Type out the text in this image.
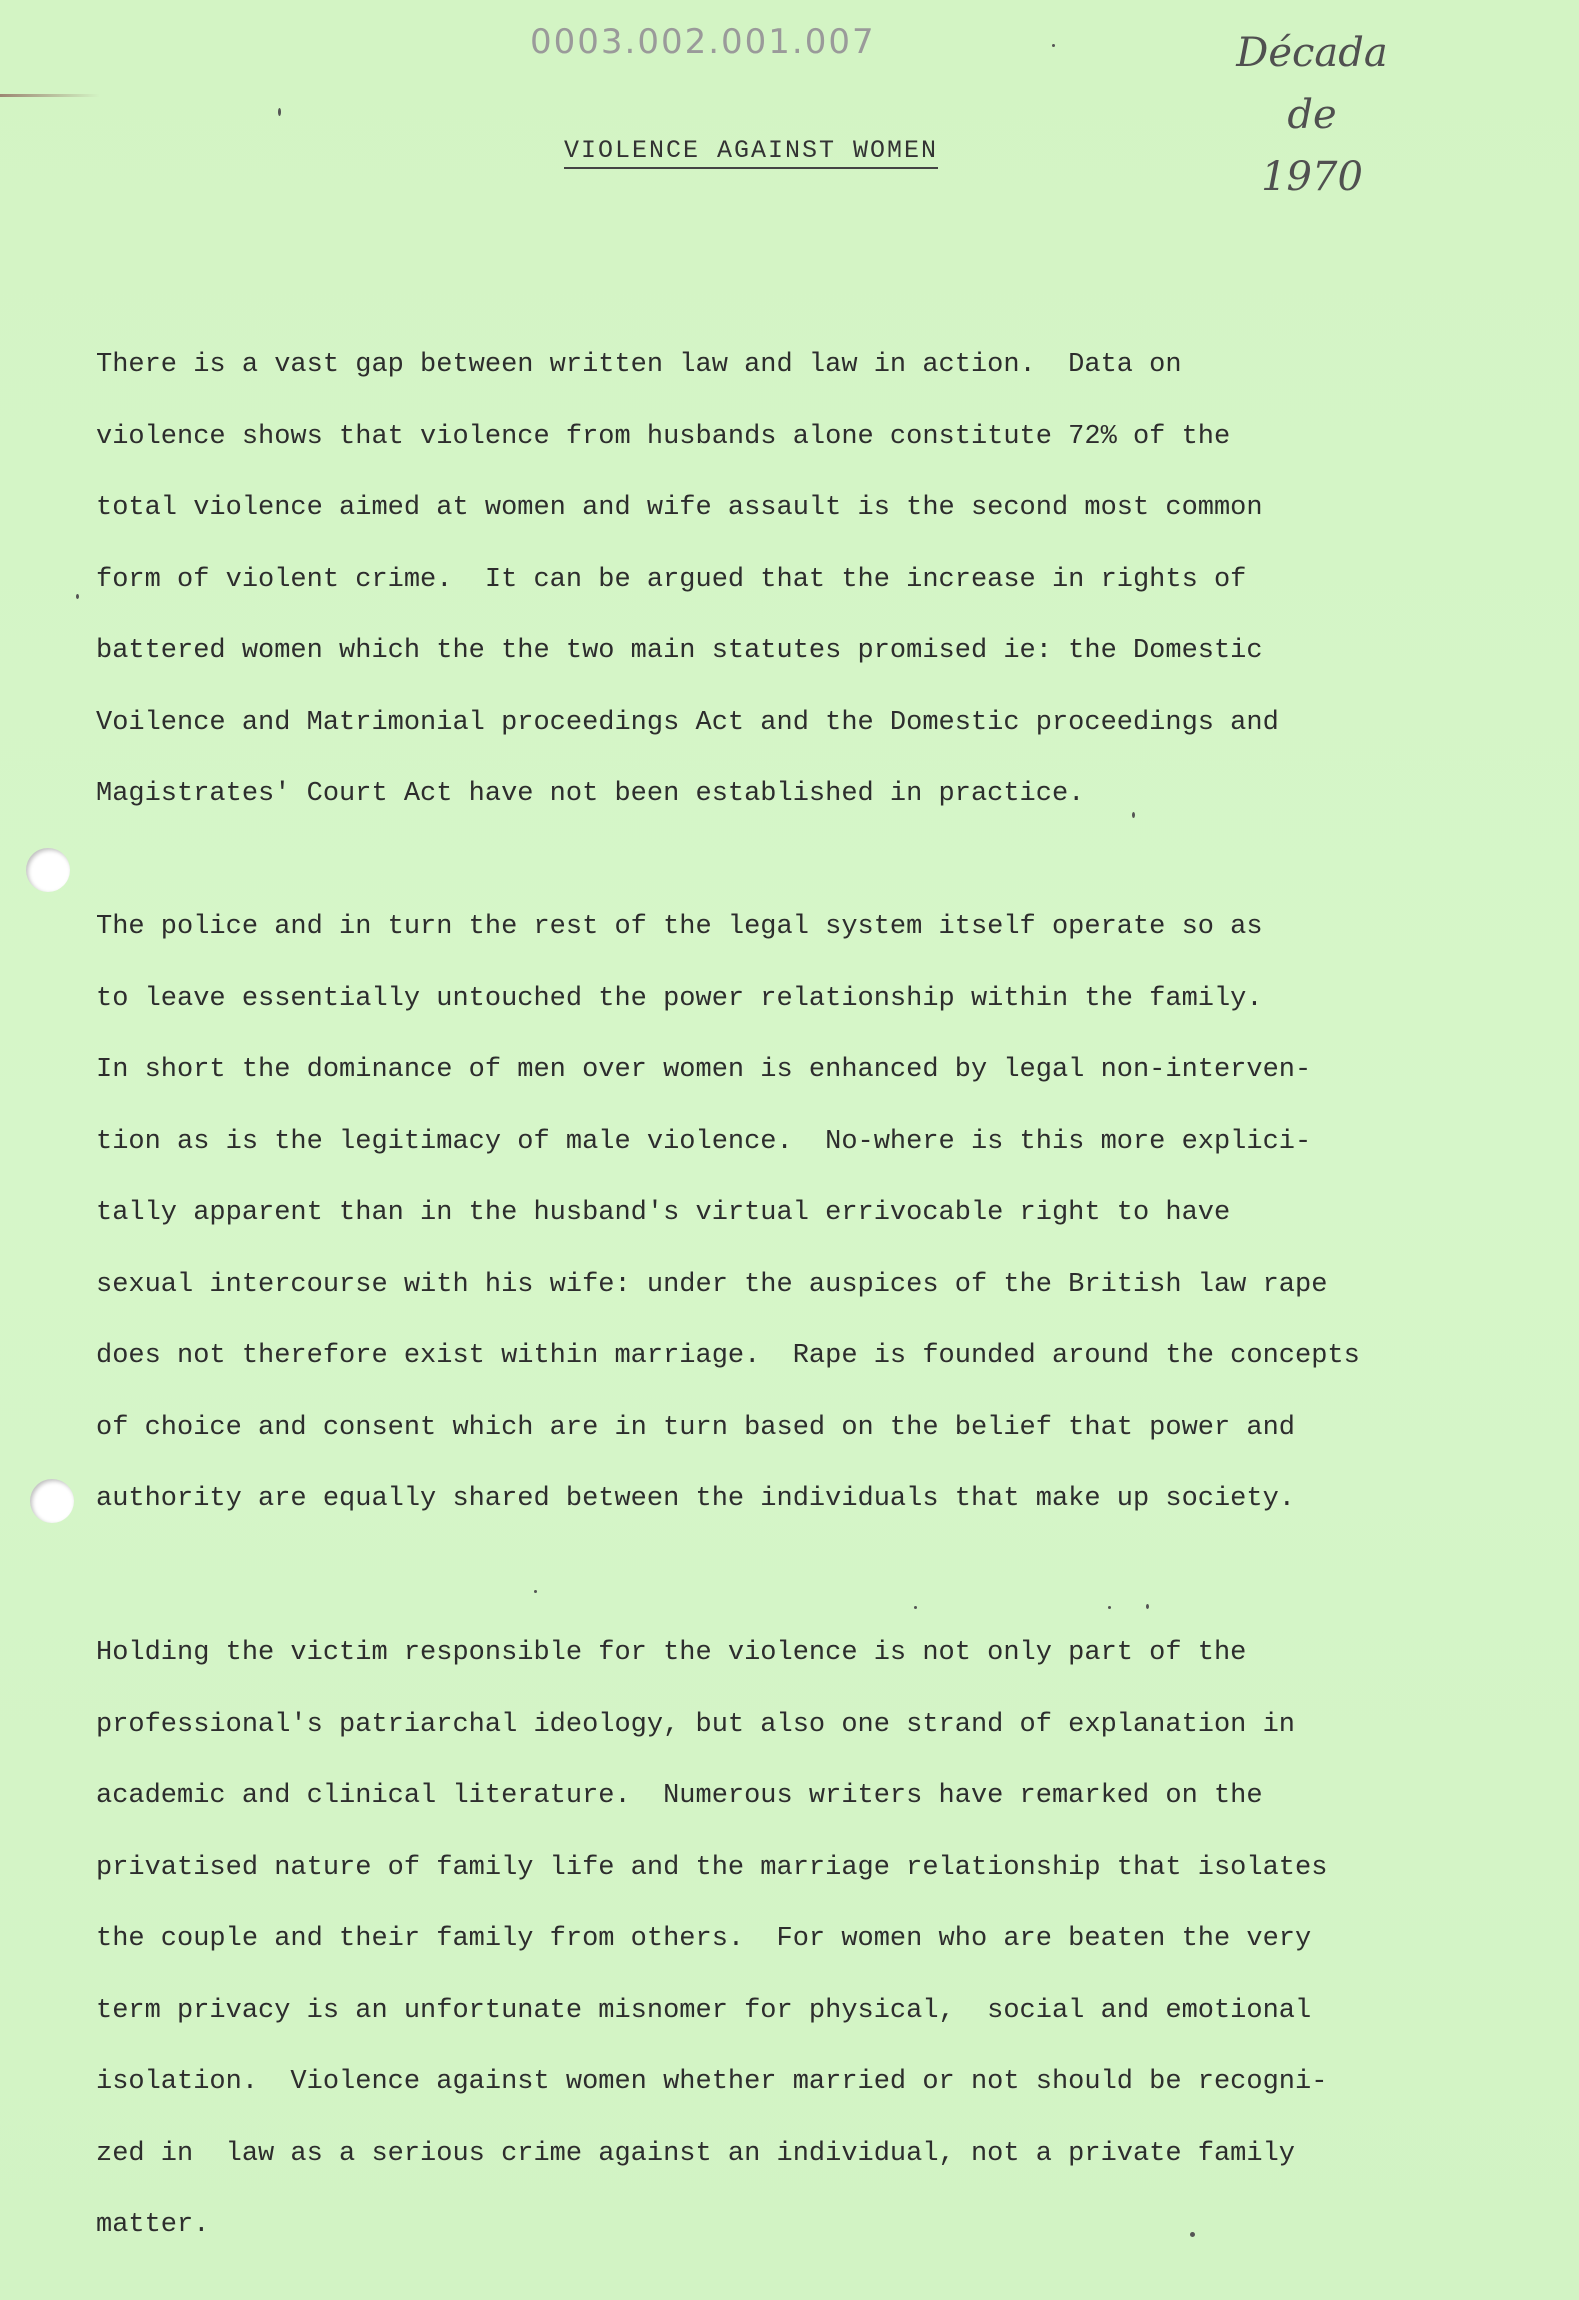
0003.002.001.007	Década de
1970
VIOLENCE AGAINST WOMEN
There is a vast gap between written law and law in action.  Data on
violence shows that violence from husbands alone constitute 72% of the
total violence aimed at women and wife assault is the second most common
form of violent crime.  It can be argued that the increase in rights of
battered women which the the two main statutes promised ie: the Domestic
Voilence and Matrimonial proceedings Act and the Domestic proceedings and
Magistrates' Court Act have not been established in practice.
The police and in turn the rest of the legal system itself operate so as
to leave essentially untouched the power relationship within the family.
In short the dominance of men over women is enhanced by legal non-interven-
tion as is the legitimacy of male violence.  No-where is this more explici-
tally apparent than in the husband's virtual errivocable right to have
sexual intercourse with his wife: under the auspices of the British law rape
does not therefore exist within marriage.  Rape is founded around the concepts
of choice and consent which are in turn based on the belief that power and
authority are equally shared between the individuals that make up society.
Holding the victim responsible for the violence is not only part of the
professional's patriarchal ideology, but also one strand of explanation in
academic and clinical literature.  Numerous writers have remarked on the
privatised nature of family life and the marriage relationship that isolates
the couple and their family from others.  For women who are beaten the very
term privacy is an unfortunate misnomer for physical,  social and emotional
isolation.  Violence against women whether married or not should be recogni-
zed in  law as a serious crime against an individual, not a private family
matter.
